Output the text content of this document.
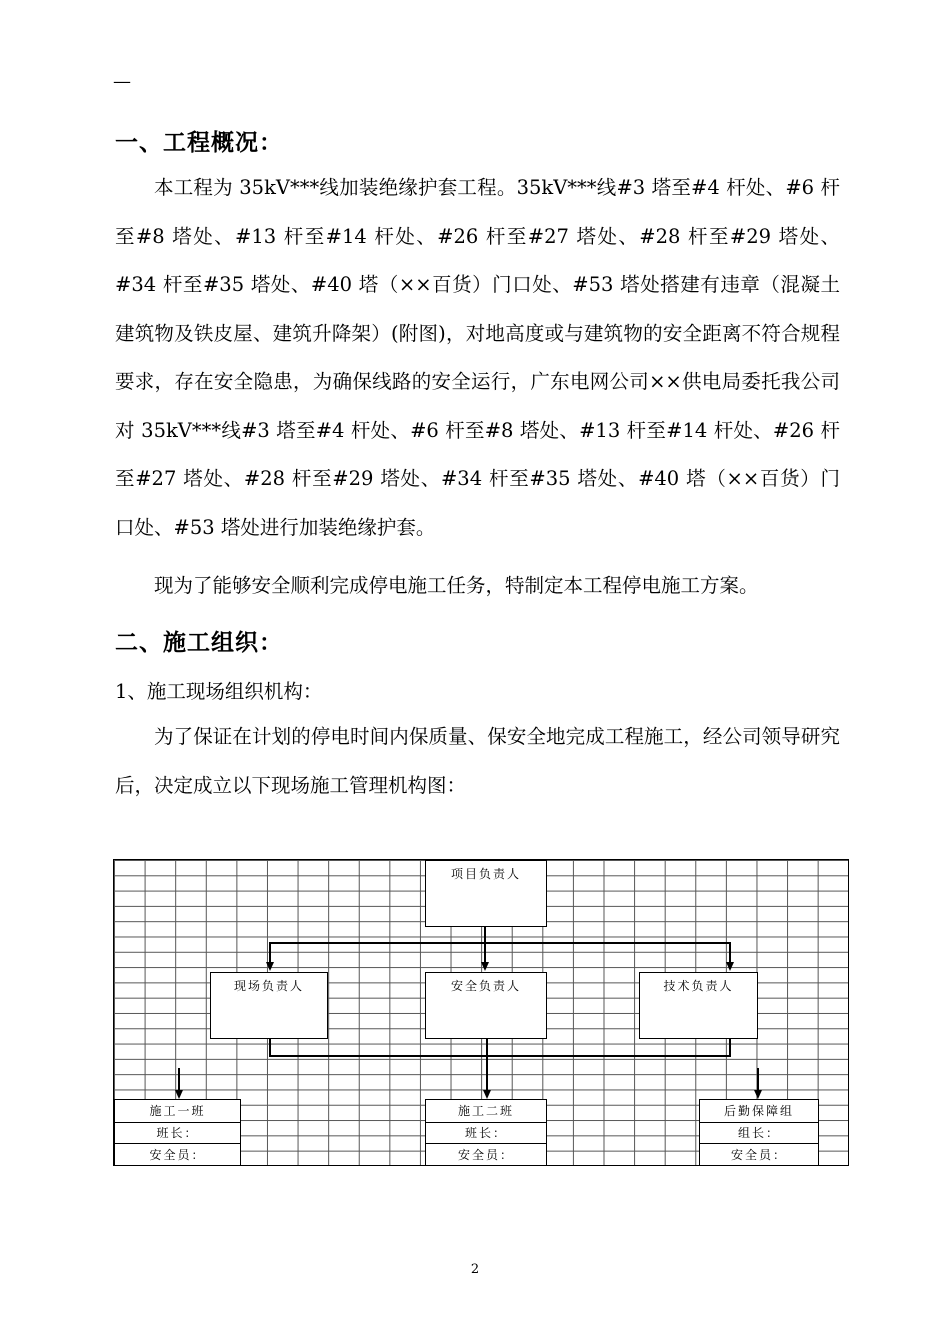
—
一、工程概况：
本工程为 35kV***线加装绝缘护套工程。35kV***线#3 塔至#4 杆处、#6 杆至#8 塔处、#13 杆至#14 杆处、#26 杆至#27 塔处、#28 杆至#29 塔处、#34 杆至#35 塔处、#40 塔（××百货）门口处、#53 塔处搭建有违章（混凝土建筑物及铁皮屋、建筑升降架）(附图)，对地高度或与建筑物的安全距离不符合规程要求，存在安全隐患，为确保线路的安全运行，广东电网公司××供电局委托我公司对 35kV***线#3 塔至#4 杆处、#6 杆至#8 塔处、#13 杆至#14 杆处、#26 杆至#27 塔处、#28 杆至#29 塔处、#34 杆至#35 塔处、#40 塔（××百货）门口处、#53 塔处进行加装绝缘护套。
现为了能够安全顺利完成停电施工任务，特制定本工程停电施工方案。
二、施工组织：
1、施工现场组织机构：
为了保证在计划的停电时间内保质量、保安全地完成工程施工，经公司领导研究后，决定成立以下现场施工管理机构图：
项目负责人
现场负责人	安全负责人	技术负责人
施工一班
班长：
安全员：
施工二班
班长：
安全员：
后勤保障组
组长：
安全员：
2
